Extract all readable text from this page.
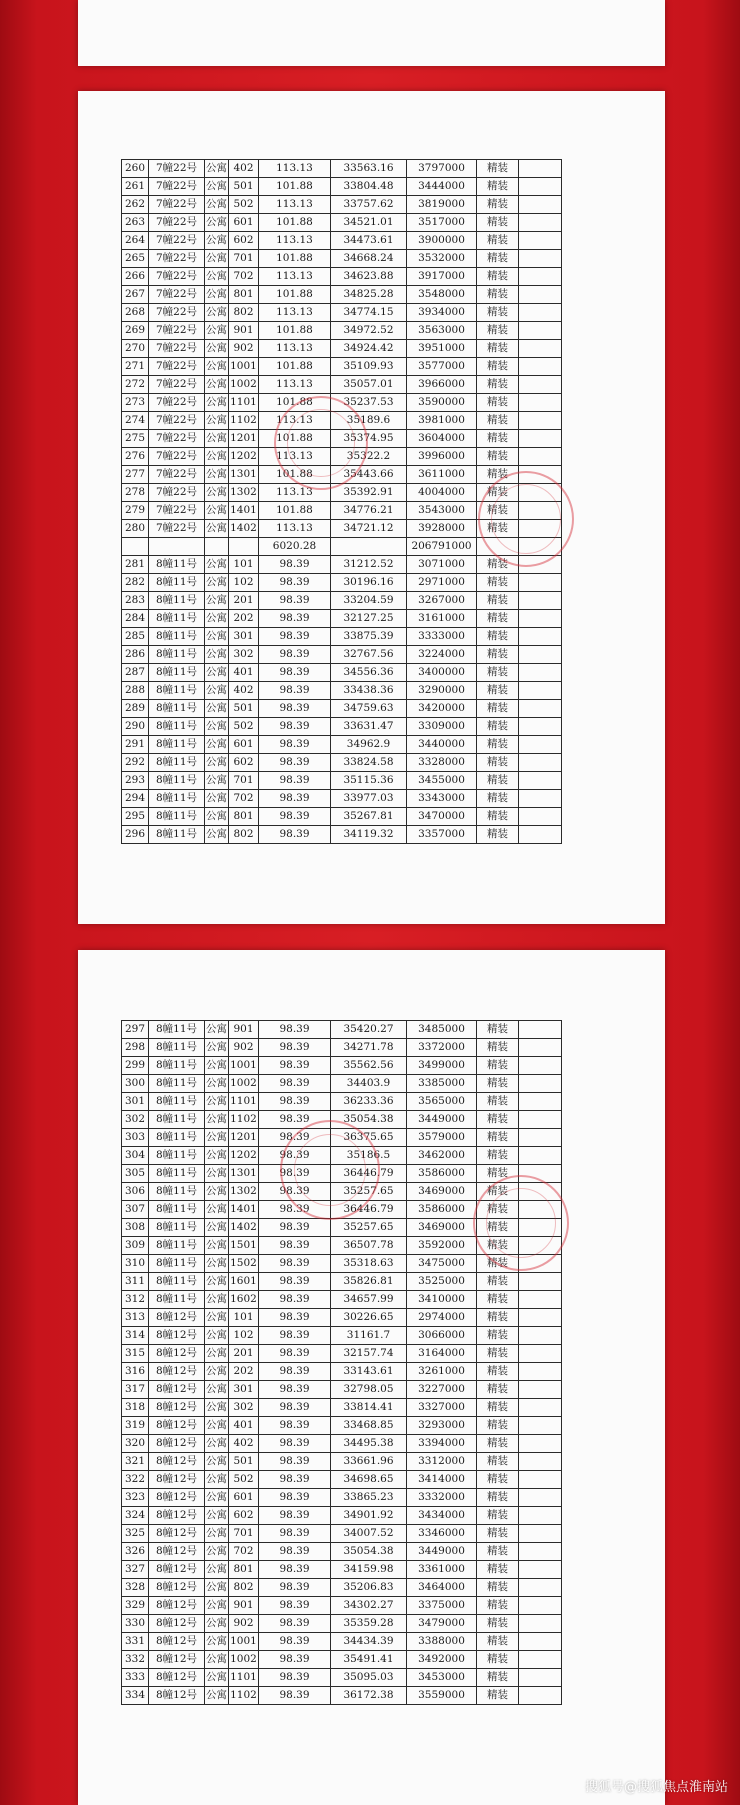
260	7幢22号	公寓	402	113.13	33563.16	3797000	精装	
261	7幢22号	公寓	501	101.88	33804.48	3444000	精装	
262	7幢22号	公寓	502	113.13	33757.62	3819000	精装	
263	7幢22号	公寓	601	101.88	34521.01	3517000	精装	
264	7幢22号	公寓	602	113.13	34473.61	3900000	精装	
265	7幢22号	公寓	701	101.88	34668.24	3532000	精装	
266	7幢22号	公寓	702	113.13	34623.88	3917000	精装	
267	7幢22号	公寓	801	101.88	34825.28	3548000	精装	
268	7幢22号	公寓	802	113.13	34774.15	3934000	精装	
269	7幢22号	公寓	901	101.88	34972.52	3563000	精装	
270	7幢22号	公寓	902	113.13	34924.42	3951000	精装	
271	7幢22号	公寓	1001	101.88	35109.93	3577000	精装	
272	7幢22号	公寓	1002	113.13	35057.01	3966000	精装	
273	7幢22号	公寓	1101	101.88	35237.53	3590000	精装	
274	7幢22号	公寓	1102	113.13	35189.6	3981000	精装	
275	7幢22号	公寓	1201	101.88	35374.95	3604000	精装	
276	7幢22号	公寓	1202	113.13	35322.2	3996000	精装	
277	7幢22号	公寓	1301	101.88	35443.66	3611000	精装	
278	7幢22号	公寓	1302	113.13	35392.91	4004000	精装	
279	7幢22号	公寓	1401	101.88	34776.21	3543000	精装	
280	7幢22号	公寓	1402	113.13	34721.12	3928000	精装	
				6020.28		206791000		
281	8幢11号	公寓	101	98.39	31212.52	3071000	精装	
282	8幢11号	公寓	102	98.39	30196.16	2971000	精装	
283	8幢11号	公寓	201	98.39	33204.59	3267000	精装	
284	8幢11号	公寓	202	98.39	32127.25	3161000	精装	
285	8幢11号	公寓	301	98.39	33875.39	3333000	精装	
286	8幢11号	公寓	302	98.39	32767.56	3224000	精装	
287	8幢11号	公寓	401	98.39	34556.36	3400000	精装	
288	8幢11号	公寓	402	98.39	33438.36	3290000	精装	
289	8幢11号	公寓	501	98.39	34759.63	3420000	精装	
290	8幢11号	公寓	502	98.39	33631.47	3309000	精装	
291	8幢11号	公寓	601	98.39	34962.9	3440000	精装	
292	8幢11号	公寓	602	98.39	33824.58	3328000	精装	
293	8幢11号	公寓	701	98.39	35115.36	3455000	精装	
294	8幢11号	公寓	702	98.39	33977.03	3343000	精装	
295	8幢11号	公寓	801	98.39	35267.81	3470000	精装	
296	8幢11号	公寓	802	98.39	34119.32	3357000	精装	
297	8幢11号	公寓	901	98.39	35420.27	3485000	精装	
298	8幢11号	公寓	902	98.39	34271.78	3372000	精装	
299	8幢11号	公寓	1001	98.39	35562.56	3499000	精装	
300	8幢11号	公寓	1002	98.39	34403.9	3385000	精装	
301	8幢11号	公寓	1101	98.39	36233.36	3565000	精装	
302	8幢11号	公寓	1102	98.39	35054.38	3449000	精装	
303	8幢11号	公寓	1201	98.39	36375.65	3579000	精装	
304	8幢11号	公寓	1202	98.39	35186.5	3462000	精装	
305	8幢11号	公寓	1301	98.39	36446.79	3586000	精装	
306	8幢11号	公寓	1302	98.39	35257.65	3469000	精装	
307	8幢11号	公寓	1401	98.39	36446.79	3586000	精装	
308	8幢11号	公寓	1402	98.39	35257.65	3469000	精装	
309	8幢11号	公寓	1501	98.39	36507.78	3592000	精装	
310	8幢11号	公寓	1502	98.39	35318.63	3475000	精装	
311	8幢11号	公寓	1601	98.39	35826.81	3525000	精装	
312	8幢11号	公寓	1602	98.39	34657.99	3410000	精装	
313	8幢12号	公寓	101	98.39	30226.65	2974000	精装	
314	8幢12号	公寓	102	98.39	31161.7	3066000	精装	
315	8幢12号	公寓	201	98.39	32157.74	3164000	精装	
316	8幢12号	公寓	202	98.39	33143.61	3261000	精装	
317	8幢12号	公寓	301	98.39	32798.05	3227000	精装	
318	8幢12号	公寓	302	98.39	33814.41	3327000	精装	
319	8幢12号	公寓	401	98.39	33468.85	3293000	精装	
320	8幢12号	公寓	402	98.39	34495.38	3394000	精装	
321	8幢12号	公寓	501	98.39	33661.96	3312000	精装	
322	8幢12号	公寓	502	98.39	34698.65	3414000	精装	
323	8幢12号	公寓	601	98.39	33865.23	3332000	精装	
324	8幢12号	公寓	602	98.39	34901.92	3434000	精装	
325	8幢12号	公寓	701	98.39	34007.52	3346000	精装	
326	8幢12号	公寓	702	98.39	35054.38	3449000	精装	
327	8幢12号	公寓	801	98.39	34159.98	3361000	精装	
328	8幢12号	公寓	802	98.39	35206.83	3464000	精装	
329	8幢12号	公寓	901	98.39	34302.27	3375000	精装	
330	8幢12号	公寓	902	98.39	35359.28	3479000	精装	
331	8幢12号	公寓	1001	98.39	34434.39	3388000	精装	
332	8幢12号	公寓	1002	98.39	35491.41	3492000	精装	
333	8幢12号	公寓	1101	98.39	35095.03	3453000	精装	
334	8幢12号	公寓	1102	98.39	36172.38	3559000	精装	
搜狐号@搜狐焦点淮南站
